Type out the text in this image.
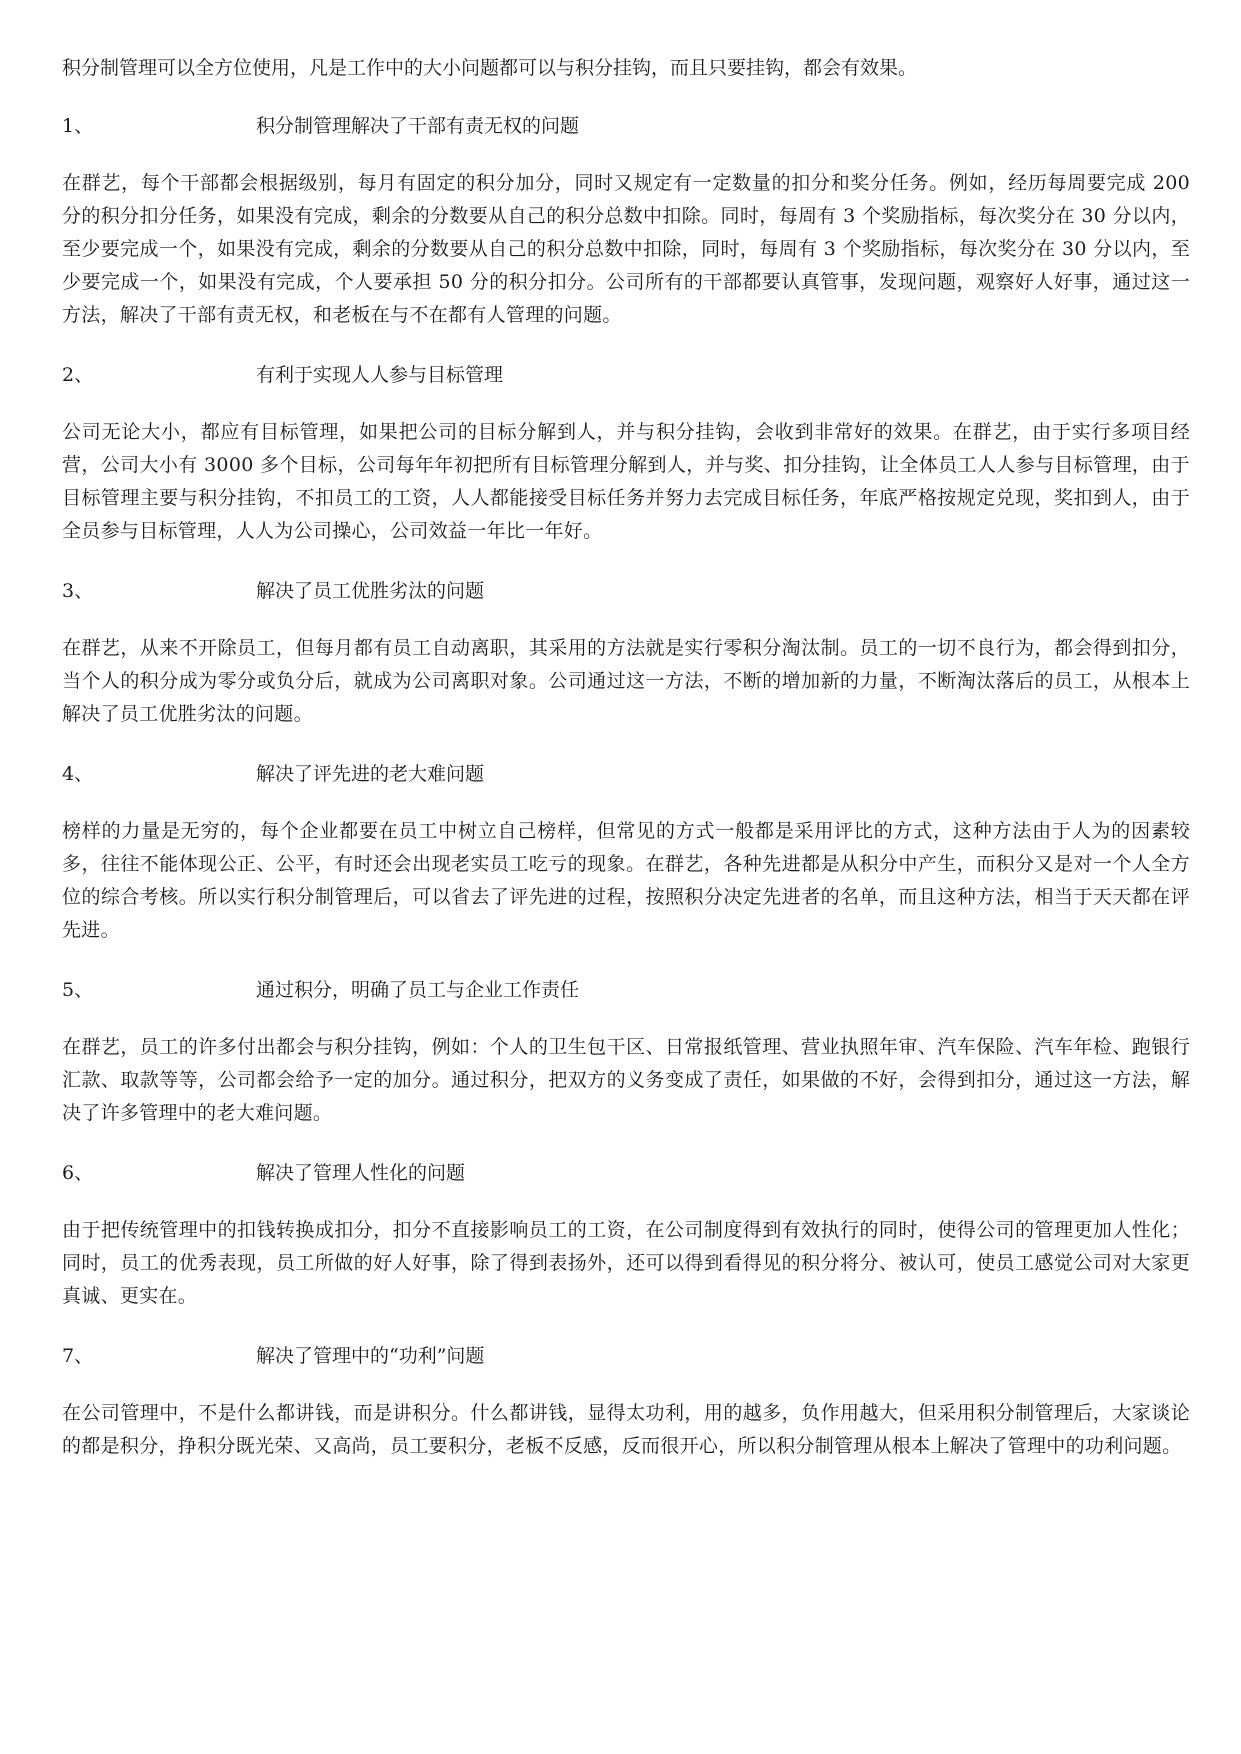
积分制管理可以全方位使用，凡是工作中的大小问题都可以与积分挂钩，而且只要挂钩，都会有效果。

1、	积分制管理解决了干部有责无权的问题

在群艺，每个干部都会根据级别，每月有固定的积分加分，同时又规定有一定数量的扣分和奖分任务。例如，经历每周要完成 200 分的积分扣分任务，如果没有完成，剩余的分数要从自己的积分总数中扣除。同时，每周有 3 个奖励指标，每次奖分在 30 分以内，至少要完成一个，如果没有完成，剩余的分数要从自己的积分总数中扣除，同时，每周有 3 个奖励指标，每次奖分在 30 分以内，至少要完成一个，如果没有完成，个人要承担 50 分的积分扣分。公司所有的干部都要认真管事，发现问题，观察好人好事，通过这一方法，解决了干部有责无权，和老板在与不在都有人管理的问题。

2、	有利于实现人人参与目标管理

公司无论大小，都应有目标管理，如果把公司的目标分解到人，并与积分挂钩，会收到非常好的效果。在群艺，由于实行多项目经营，公司大小有 3000 多个目标，公司每年年初把所有目标管理分解到人，并与奖、扣分挂钩，让全体员工人人参与目标管理，由于目标管理主要与积分挂钩，不扣员工的工资，人人都能接受目标任务并努力去完成目标任务，年底严格按规定兑现，奖扣到人，由于全员参与目标管理，人人为公司操心，公司效益一年比一年好。

3、	解决了员工优胜劣汰的问题

在群艺，从来不开除员工，但每月都有员工自动离职，其采用的方法就是实行零积分淘汰制。员工的一切不良行为，都会得到扣分，当个人的积分成为零分或负分后，就成为公司离职对象。公司通过这一方法，不断的增加新的力量，不断淘汰落后的员工，从根本上解决了员工优胜劣汰的问题。

4、	解决了评先进的老大难问题

榜样的力量是无穷的，每个企业都要在员工中树立自己榜样，但常见的方式一般都是采用评比的方式，这种方法由于人为的因素较多，往往不能体现公正、公平，有时还会出现老实员工吃亏的现象。在群艺，各种先进都是从积分中产生，而积分又是对一个人全方位的综合考核。所以实行积分制管理后，可以省去了评先进的过程，按照积分决定先进者的名单，而且这种方法，相当于天天都在评先进。

5、	通过积分，明确了员工与企业工作责任

在群艺，员工的许多付出都会与积分挂钩，例如：个人的卫生包干区、日常报纸管理、营业执照年审、汽车保险、汽车年检、跑银行汇款、取款等等，公司都会给予一定的加分。通过积分，把双方的义务变成了责任，如果做的不好，会得到扣分，通过这一方法，解决了许多管理中的老大难问题。

6、	解决了管理人性化的问题

由于把传统管理中的扣钱转换成扣分，扣分不直接影响员工的工资，在公司制度得到有效执行的同时，使得公司的管理更加人性化；同时，员工的优秀表现，员工所做的好人好事，除了得到表扬外，还可以得到看得见的积分将分、被认可，使员工感觉公司对大家更真诚、更实在。

7、	解决了管理中的“功利”问题

在公司管理中，不是什么都讲钱，而是讲积分。什么都讲钱，显得太功利，用的越多，负作用越大，但采用积分制管理后，大家谈论的都是积分，挣积分既光荣、又高尚，员工要积分，老板不反感，反而很开心，所以积分制管理从根本上解决了管理中的功利问题。
